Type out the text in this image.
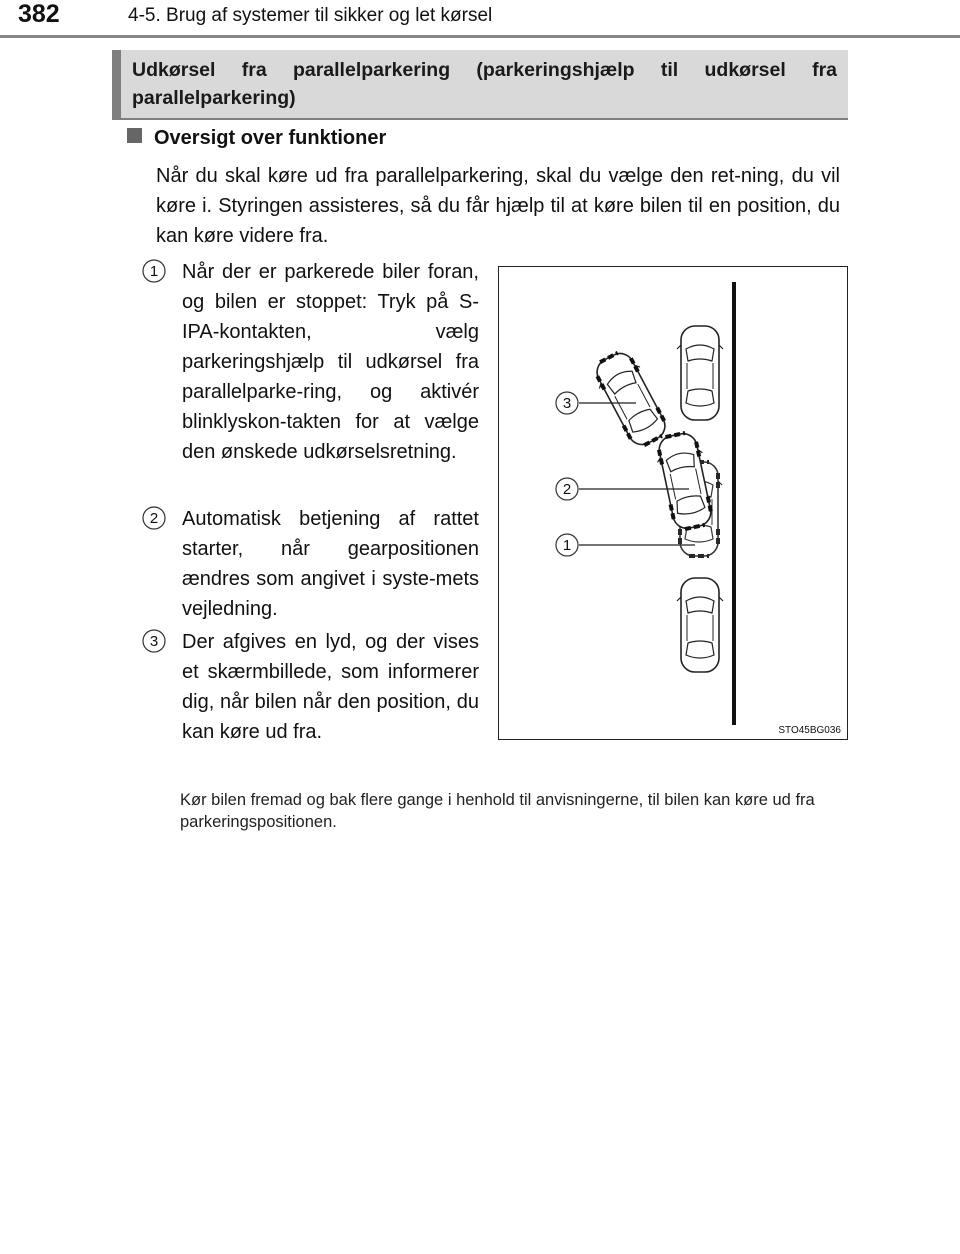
382	4-5. Brug af systemer til sikker og let kørsel
Udkørsel fra parallelparkering (parkeringshjælp til udkørsel fra parallelparkering)
Oversigt over funktioner
Når du skal køre ud fra parallelparkering, skal du vælge den ret-ning, du vil køre i. Styringen assisteres, så du får hjælp til at køre bilen til en position, du kan køre videre fra.
1 Når der er parkerede biler foran, og bilen er stoppet: Tryk på S-IPA-kontakten, vælg parkeringshjælp til udkørsel fra parallelparke-ring, og aktivér blinklyskon-takten for at vælge den ønskede udkørselsretning.
2 Automatisk betjening af rattet starter, når gearpositionen ændres som angivet i syste-mets vejledning.
3 Der afgives en lyd, og der vises et skærmbillede, som informerer dig, når bilen når den position, du kan køre ud fra.
3
2
1
STO45BG036
Kør bilen fremad og bak flere gange i henhold til anvisningerne, til bilen kan køre ud fra parkeringspositionen.
